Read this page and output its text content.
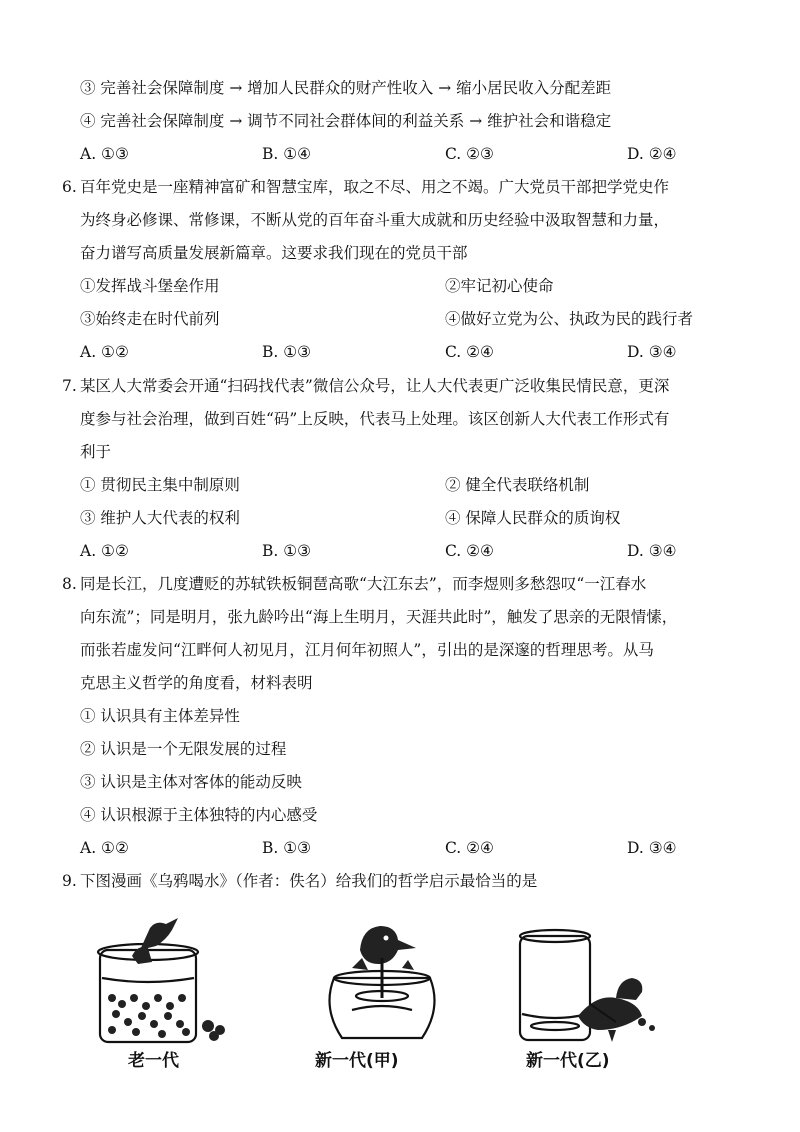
③ 完善社会保障制度 → 增加人民群众的财产性收入 → 缩小居民收入分配差距
④ 完善社会保障制度 → 调节不同社会群体间的利益关系 → 维护社会和谐稳定
A. ①③	B. ①④	C. ②③	D. ②④
6. 百年党史是一座精神富矿和智慧宝库，取之不尽、用之不竭。广大党员干部把学党史作
为终身必修课、常修课，不断从党的百年奋斗重大成就和历史经验中汲取智慧和力量，
奋力谱写高质量发展新篇章。这要求我们现在的党员干部
①发挥战斗堡垒作用	②牢记初心使命
③始终走在时代前列	④做好立党为公、执政为民的践行者
A. ①②	B. ①③	C. ②④	D. ③④
7. 某区人大常委会开通“扫码找代表”微信公众号，让人大代表更广泛收集民情民意，更深
度参与社会治理，做到百姓“码”上反映，代表马上处理。该区创新人大代表工作形式有
利于
① 贯彻民主集中制原则	② 健全代表联络机制
③ 维护人大代表的权利	④ 保障人民群众的质询权
A. ①②	B. ①③	C. ②④	D. ③④
8. 同是长江，几度遭贬的苏轼铁板铜琶高歌“大江东去”，而李煜则多愁怨叹“一江春水
向东流”；同是明月，张九龄吟出“海上生明月，天涯共此时”，触发了思亲的无限情愫，
而张若虚发问“江畔何人初见月，江月何年初照人”，引出的是深邃的哲理思考。从马
克思主义哲学的角度看，材料表明
① 认识具有主体差异性
② 认识是一个无限发展的过程
③ 认识是主体对客体的能动反映
④ 认识根源于主体独特的内心感受
A. ①②	B. ①③	C. ②④	D. ③④
9. 下图漫画《乌鸦喝水》（作者：佚名）给我们的哲学启示最恰当的是
老一代	新一代(甲)	新一代(乙)
